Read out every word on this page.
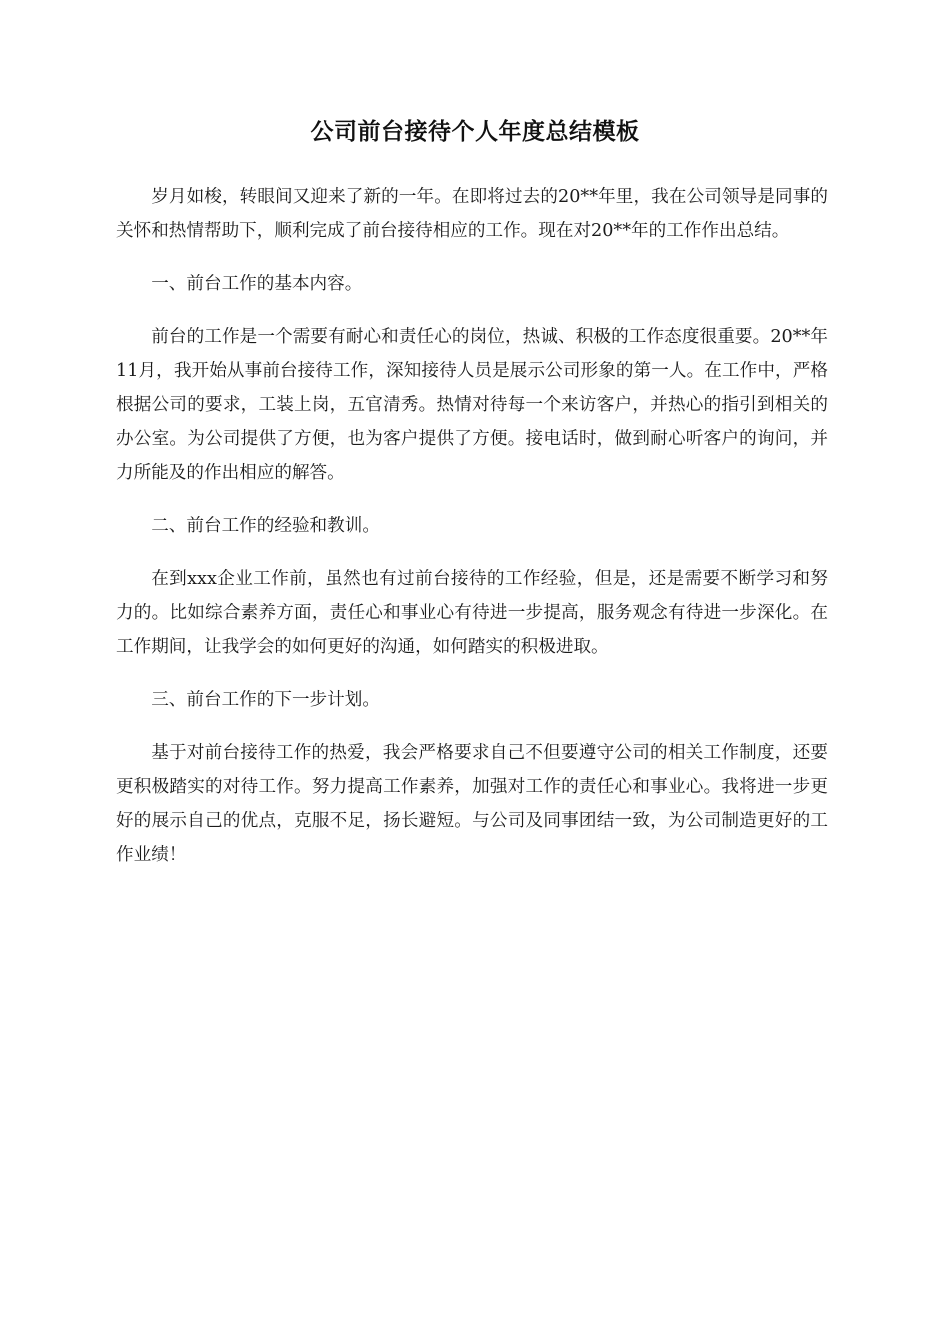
公司前台接待个人年度总结模板

岁月如梭，转眼间又迎来了新的一年。在即将过去的20**年里，我在公司领导是同事的关怀和热情帮助下，顺利完成了前台接待相应的工作。现在对20**年的工作作出总结。

一、前台工作的基本内容。

前台的工作是一个需要有耐心和责任心的岗位，热诚、积极的工作态度很重要。20**年11月，我开始从事前台接待工作，深知接待人员是展示公司形象的第一人。在工作中，严格根据公司的要求，工装上岗，五官清秀。热情对待每一个来访客户，并热心的指引到相关的办公室。为公司提供了方便，也为客户提供了方便。接电话时，做到耐心听客户的询问，并力所能及的作出相应的解答。

二、前台工作的经验和教训。

在到xxx企业工作前，虽然也有过前台接待的工作经验，但是，还是需要不断学习和努力的。比如综合素养方面，责任心和事业心有待进一步提高，服务观念有待进一步深化。在工作期间，让我学会的如何更好的沟通，如何踏实的积极进取。

三、前台工作的下一步计划。

基于对前台接待工作的热爱，我会严格要求自己不但要遵守公司的相关工作制度，还要更积极踏实的对待工作。努力提高工作素养，加强对工作的责任心和事业心。我将进一步更好的展示自己的优点，克服不足，扬长避短。与公司及同事团结一致，为公司制造更好的工作业绩！
